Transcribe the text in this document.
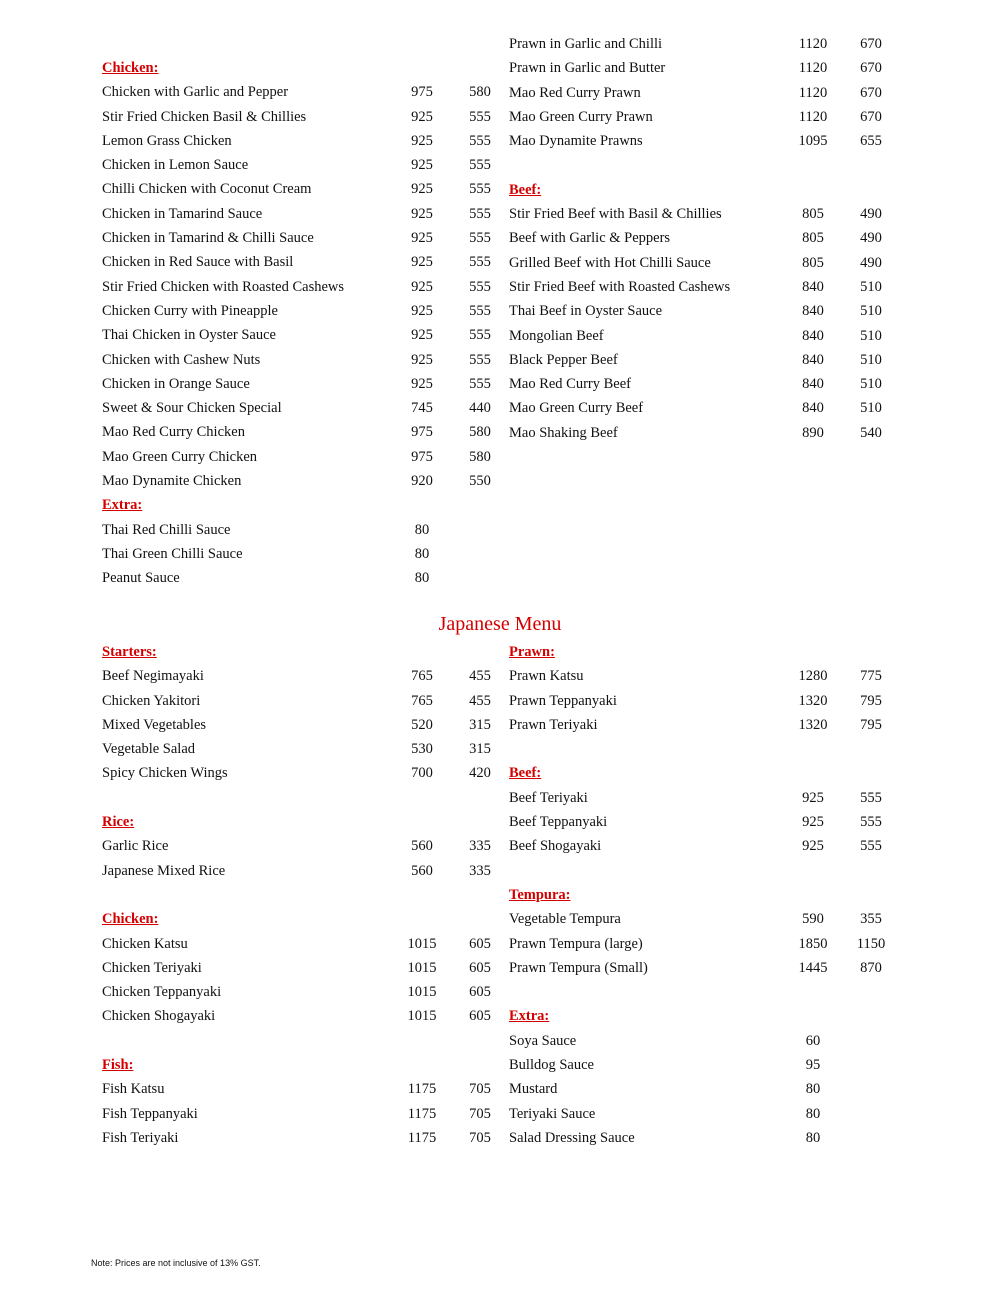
Chicken:
Chicken with Garlic and Pepper	975	580
Stir Fried Chicken Basil & Chillies	925	555
Lemon Grass Chicken	925	555
Chicken in Lemon Sauce	925	555
Chilli Chicken with Coconut Cream	925	555
Chicken in Tamarind Sauce	925	555
Chicken in Tamarind & Chilli Sauce	925	555
Chicken in Red Sauce with Basil	925	555
Stir Fried Chicken with Roasted Cashews	925	555
Chicken Curry with Pineapple	925	555
Thai Chicken in Oyster Sauce	925	555
Chicken with Cashew Nuts	925	555
Chicken in Orange Sauce	925	555
Sweet & Sour Chicken Special	745	440
Mao Red Curry Chicken	975	580
Mao Green Curry Chicken	975	580
Mao Dynamite Chicken	920	550
Extra:
Thai Red Chilli Sauce	80
Thai Green Chilli Sauce	80
Peanut Sauce	80
Prawn in Garlic and Chilli	1120	670
Prawn in Garlic and Butter	1120	670
Mao Red Curry Prawn	1120	670
Mao Green Curry Prawn	1120	670
Mao Dynamite Prawns	1095	655
Beef:
Stir Fried Beef with Basil & Chillies	805	490
Beef with Garlic & Peppers	805	490
Grilled Beef with Hot Chilli Sauce	805	490
Stir Fried Beef with Roasted Cashews	840	510
Thai Beef in Oyster Sauce	840	510
Mongolian Beef	840	510
Black Pepper Beef	840	510
Mao Red Curry Beef	840	510
Mao Green Curry Beef	840	510
Mao Shaking Beef	890	540
Japanese Menu
Starters:
Beef Negimayaki	765	455
Chicken Yakitori	765	455
Mixed Vegetables	520	315
Vegetable Salad	530	315
Spicy Chicken Wings	700	420
Rice:
Garlic Rice	560	335
Japanese Mixed Rice	560	335
Chicken:
Chicken Katsu	1015	605
Chicken Teriyaki	1015	605
Chicken Teppanyaki	1015	605
Chicken Shogayaki	1015	605
Fish:
Fish Katsu	1175	705
Fish Teppanyaki	1175	705
Fish Teriyaki	1175	705
Prawn:
Prawn Katsu	1280	775
Prawn Teppanyaki	1320	795
Prawn Teriyaki	1320	795
Beef:
Beef Teriyaki	925	555
Beef Teppanyaki	925	555
Beef Shogayaki	925	555
Tempura:
Vegetable Tempura	590	355
Prawn Tempura (large)	1850	1150
Prawn Tempura (Small)	1445	870
Extra:
Soya Sauce	60
Bulldog Sauce	95
Mustard	80
Teriyaki Sauce	80
Salad Dressing Sauce	80
Note: Prices are not inclusive of 13% GST.
